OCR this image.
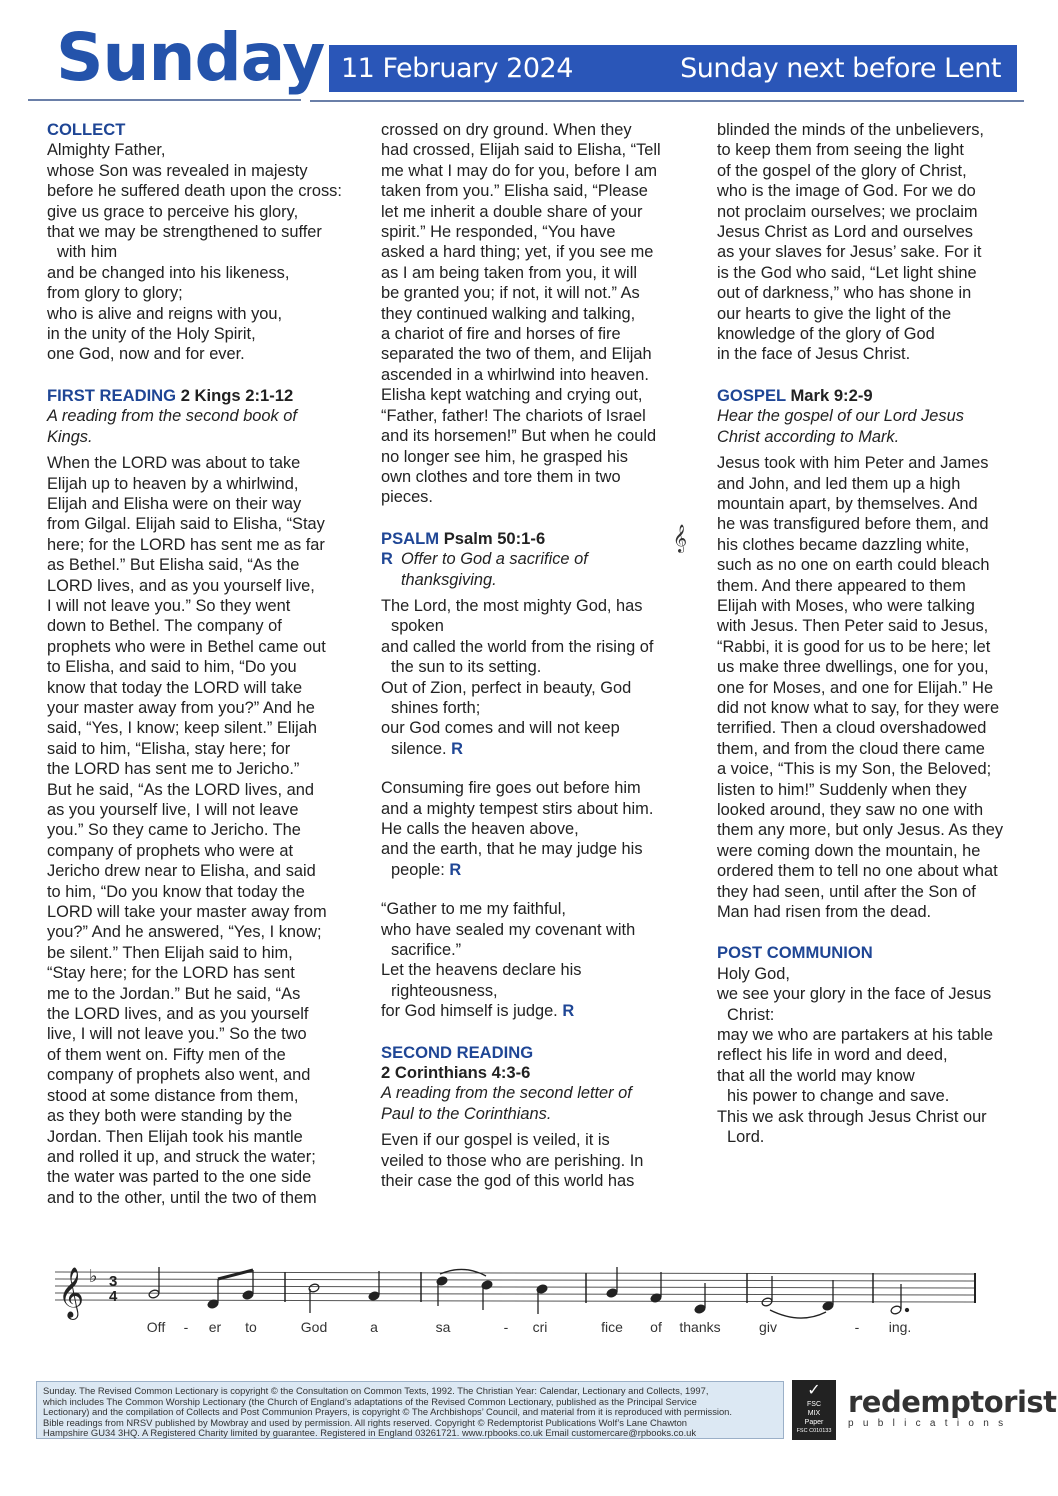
Sunday 11 February 2024	Sunday next before Lent
COLLECT
Almighty Father,
whose Son was revealed in majesty
before he suffered death upon the cross:
give us grace to perceive his glory,
that we may be strengthened to suffer
with him
and be changed into his likeness,
from glory to glory;
who is alive and reigns with you,
in the unity of the Holy Spirit,
one God, now and for ever.
FIRST READING 2 Kings 2:1-12
A reading from the second book of
Kings.
When the LORD was about to take
Elijah up to heaven by a whirlwind,
Elijah and Elisha were on their way
from Gilgal. Elijah said to Elisha, “Stay
here; for the LORD has sent me as far
as Bethel.” But Elisha said, “As the
LORD lives, and as you yourself live,
I will not leave you.” So they went
down to Bethel. The company of
prophets who were in Bethel came out
to Elisha, and said to him, “Do you
know that today the LORD will take
your master away from you?” And he
said, “Yes, I know; keep silent.” Elijah
said to him, “Elisha, stay here; for
the LORD has sent me to Jericho.”
But he said, “As the LORD lives, and
as you yourself live, I will not leave
you.” So they came to Jericho. The
company of prophets who were at
Jericho drew near to Elisha, and said
to him, “Do you know that today the
LORD will take your master away from
you?” And he answered, “Yes, I know;
be silent.” Then Elijah said to him,
“Stay here; for the LORD has sent
me to the Jordan.” But he said, “As
the LORD lives, and as you yourself
live, I will not leave you.” So the two
of them went on. Fifty men of the
company of prophets also went, and
stood at some distance from them,
as they both were standing by the
Jordan. Then Elijah took his mantle
and rolled it up, and struck the water;
the water was parted to the one side
and to the other, until the two of them
crossed on dry ground. When they
had crossed, Elijah said to Elisha, “Tell
me what I may do for you, before I am
taken from you.” Elisha said, “Please
let me inherit a double share of your
spirit.” He responded, “You have
asked a hard thing; yet, if you see me
as I am being taken from you, it will
be granted you; if not, it will not.” As
they continued walking and talking,
a chariot of fire and horses of fire
separated the two of them, and Elijah
ascended in a whirlwind into heaven.
Elisha kept watching and crying out,
“Father, father! The chariots of Israel
and its horsemen!” But when he could
no longer see him, he grasped his
own clothes and tore them in two
pieces.
PSALM Psalm 50:1-6	𝄞
R Offer to God a sacrifice of
thanksgiving.
The Lord, the most mighty God, has
spoken
and called the world from the rising of
the sun to its setting.
Out of Zion, perfect in beauty, God
shines forth;
our God comes and will not keep
silence. R
Consuming fire goes out before him
and a mighty tempest stirs about him.
He calls the heaven above,
and the earth, that he may judge his
people: R
“Gather to me my faithful,
who have sealed my covenant with
sacrifice.”
Let the heavens declare his
righteousness,
for God himself is judge. R
SECOND READING
2 Corinthians 4:3-6
A reading from the second letter of
Paul to the Corinthians.
Even if our gospel is veiled, it is
veiled to those who are perishing. In
their case the god of this world has
blinded the minds of the unbelievers,
to keep them from seeing the light
of the gospel of the glory of Christ,
who is the image of God. For we do
not proclaim ourselves; we proclaim
Jesus Christ as Lord and ourselves
as your slaves for Jesus’ sake. For it
is the God who said, “Let light shine
out of darkness,” who has shone in
our hearts to give the light of the
knowledge of the glory of God
in the face of Jesus Christ.
GOSPEL Mark 9:2-9
Hear the gospel of our Lord Jesus
Christ according to Mark.
Jesus took with him Peter and James
and John, and led them up a high
mountain apart, by themselves. And
he was transfigured before them, and
his clothes became dazzling white,
such as no one on earth could bleach
them. And there appeared to them
Elijah with Moses, who were talking
with Jesus. Then Peter said to Jesus,
“Rabbi, it is good for us to be here; let
us make three dwellings, one for you,
one for Moses, and one for Elijah.” He
did not know what to say, for they were
terrified. Then a cloud overshadowed
them, and from the cloud there came
a voice, “This is my Son, the Beloved;
listen to him!” Suddenly when they
looked around, they saw no one with
them any more, but only Jesus. As they
were coming down the mountain, he
ordered them to tell no one about what
they had seen, until after the Son of
Man had risen from the dead.
POST COMMUNION
Holy God,
we see your glory in the face of Jesus
Christ:
may we who are partakers at his table
reflect his life in word and deed,
that all the world may know
his power to change and save.
This we ask through Jesus Christ our
Lord.
𝄞 ♭ 3
4
Off - er to	God	a	sa	- cri	fice of thanks	giv	- ing.
Sunday. The Revised Common Lectionary is copyright © the Consultation on Common Texts, 1992. The Christian Year: Calendar, Lectionary and Collects, 1997,
which includes The Common Worship Lectionary (the Church of England’s adaptations of the Revised Common Lectionary, published as the Principal Service
Lectionary) and the compilation of Collects and Post Communion Prayers, is copyright © The Archbishops’ Council, and material from it is reproduced with permission.
Bible readings from NRSV published by Mowbray and used by permission. All rights reserved. Copyright © Redemptorist Publications Wolf’s Lane Chawton
Hampshire GU34 3HQ. A Registered Charity limited by guarantee. Registered in England 03261721. www.rpbooks.co.uk Email customercare@rpbooks.co.uk
✓
FSC
MIX
Paper
FSC C010133
redemptorist
publications
